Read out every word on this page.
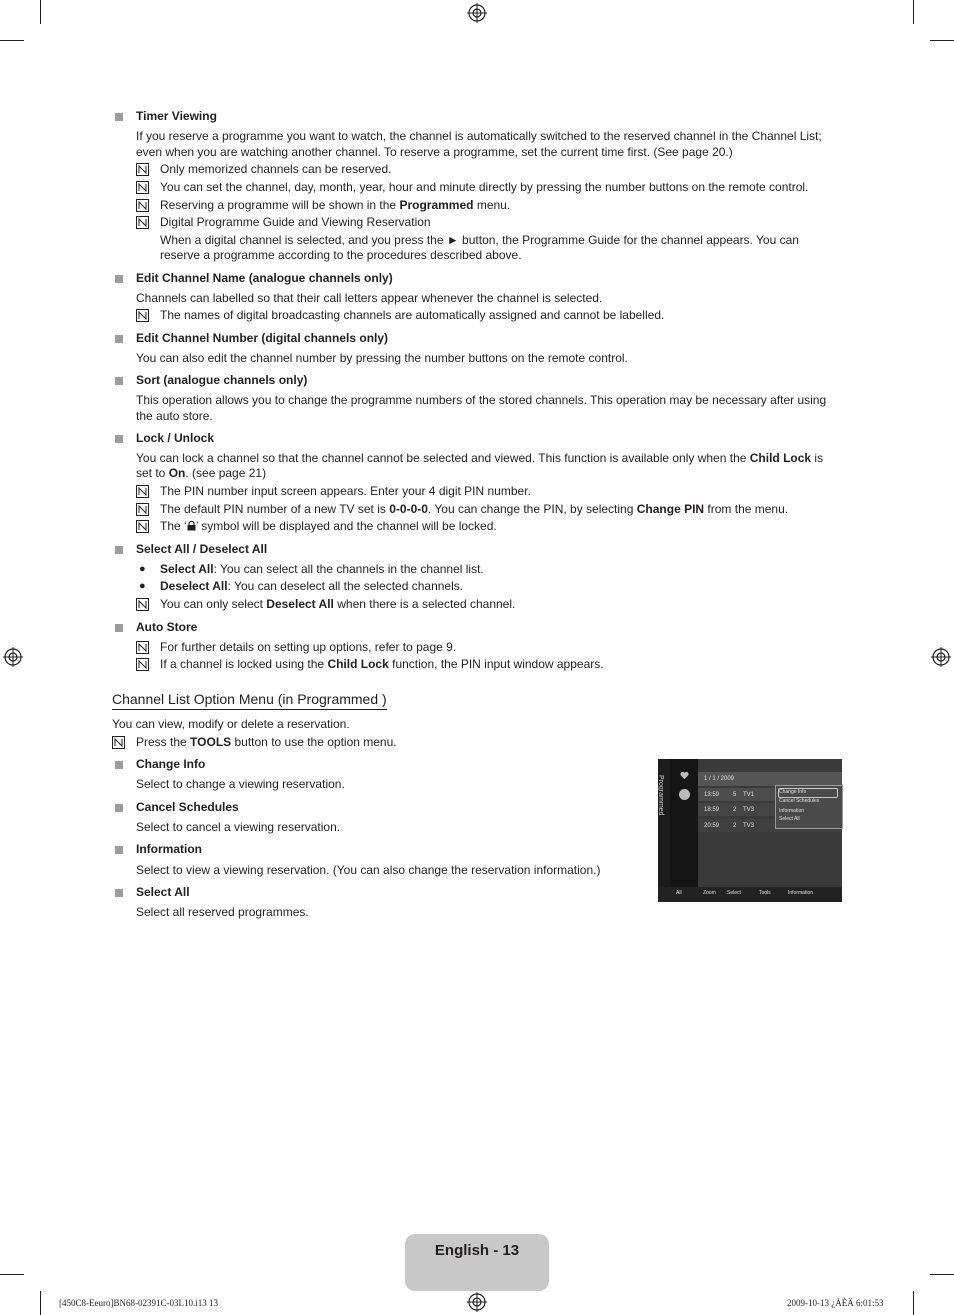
Timer Viewing
If you reserve a programme you want to watch, the channel is automatically switched to the reserved channel in the Channel List;
even when you are watching another channel. To reserve a programme, set the current time first. (See page 20.)
Only memorized channels can be reserved.
You can set the channel, day, month, year, hour and minute directly by pressing the number buttons on the remote control.
Reserving a programme will be shown in the Programmed menu.
Digital Programme Guide and Viewing Reservation
When a digital channel is selected, and you press the ► button, the Programme Guide for the channel appears. You can
reserve a programme according to the procedures described above.
Edit Channel Name (analogue channels only)
Channels can labelled so that their call letters appear whenever the channel is selected.
The names of digital broadcasting channels are automatically assigned and cannot be labelled.
Edit Channel Number (digital channels only)
You can also edit the channel number by pressing the number buttons on the remote control.
Sort (analogue channels only)
This operation allows you to change the programme numbers of the stored channels. This operation may be necessary after using
the auto store.
Lock / Unlock
You can lock a channel so that the channel cannot be selected and viewed. This function is available only when the Child Lock is
set to On. (see page 21)
The PIN number input screen appears. Enter your 4 digit PIN number.
The default PIN number of a new TV set is 0-0-0-0. You can change the PIN, by selecting Change PIN from the menu.
The ‘ ’ symbol will be displayed and the channel will be locked.
Select All / Deselect All
● Select All: You can select all the channels in the channel list.
● Deselect All: You can deselect all the selected channels.
You can only select Deselect All when there is a selected channel.
Auto Store
For further details on setting up options, refer to page 9.
If a channel is locked using the Child Lock function, the PIN input window appears.
Channel List Option Menu (in Programmed )
You can view, modify or delete a reservation.
Press the TOOLS button to use the option menu.
Change Info
Select to change a viewing reservation.
Cancel Schedules
Select to cancel a viewing reservation.
Information
Select to view a viewing reservation. (You can also change the reservation information.)
Select All
Select all reserved programmes.
1 / 1 / 2009
13:59 5 TV1
18:59 2 TV3
20:59 2 TV3
All	Zoom Select	Tools	Information
Change Info
Cancel Schedules
Information
Select All
English - 13
[450C8-Eeuro]BN68-02391C-03L10.i13 13	2009-10-13 ¿ÀÈÄ 6:01:53
